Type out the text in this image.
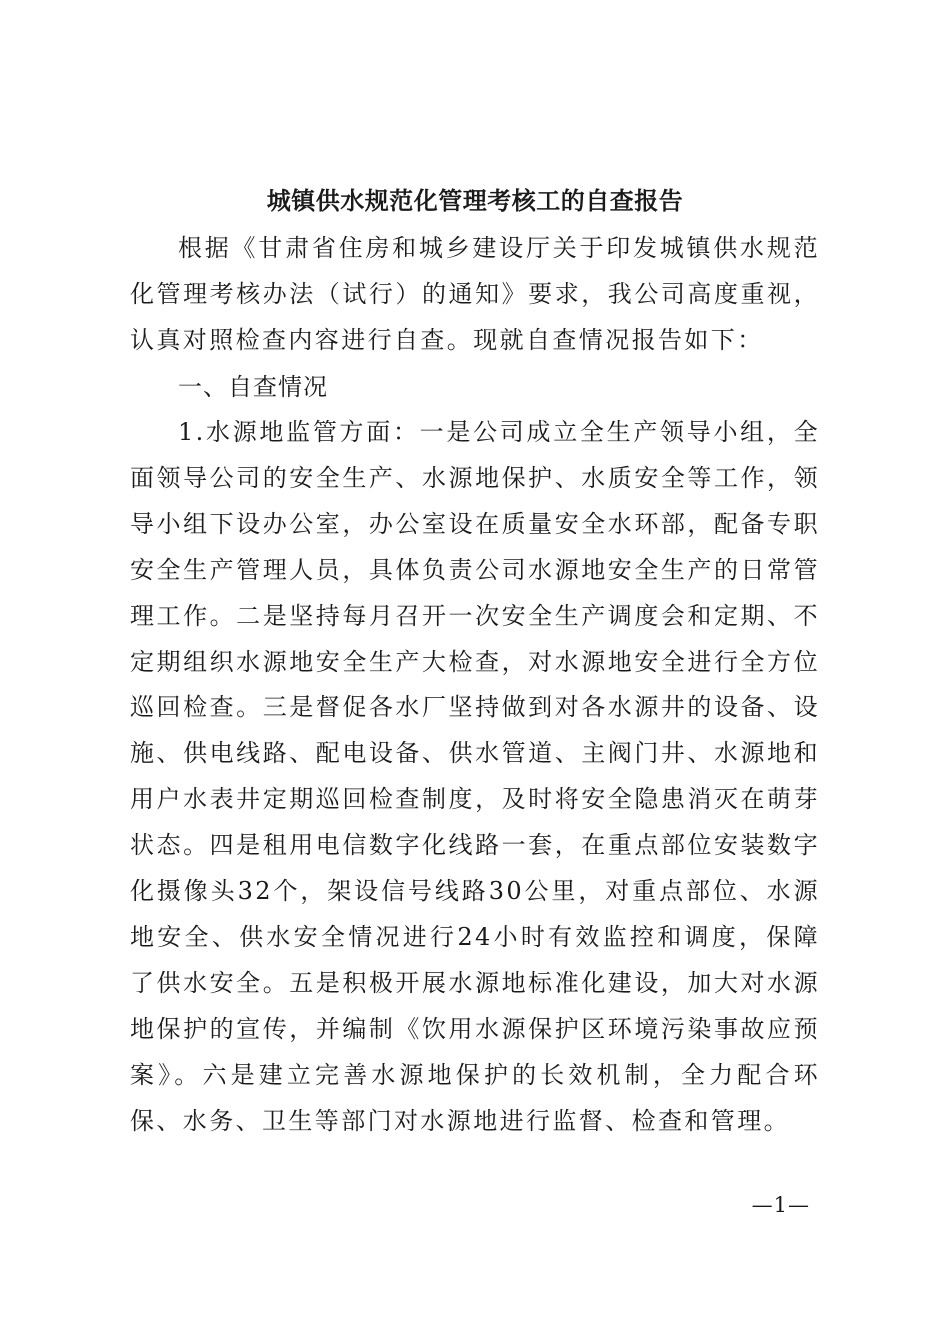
城镇供水规范化管理考核工的自查报告

根据《甘肃省住房和城乡建设厅关于印发城镇供水规范化管理考核办法（试行）的通知》要求，我公司高度重视，认真对照检查内容进行自查。现就自查情况报告如下：

一、自查情况

1.水源地监管方面：一是公司成立全生产领导小组，全面领导公司的安全生产、水源地保护、水质安全等工作，领导小组下设办公室，办公室设在质量安全水环部，配备专职安全生产管理人员，具体负责公司水源地安全生产的日常管理工作。二是坚持每月召开一次安全生产调度会和定期、不定期组织水源地安全生产大检查，对水源地安全进行全方位巡回检查。三是督促各水厂坚持做到对各水源井的设备、设施、供电线路、配电设备、供水管道、主阀门井、水源地和用户水表井定期巡回检查制度，及时将安全隐患消灭在萌芽状态。四是租用电信数字化线路一套，在重点部位安装数字化摄像头32个，架设信号线路30公里，对重点部位、水源地安全、供水安全情况进行24小时有效监控和调度，保障了供水安全。五是积极开展水源地标准化建设，加大对水源地保护的宣传，并编制《饮用水源保护区环境污染事故应预案》。六是建立完善水源地保护的长效机制，全力配合环保、水务、卫生等部门对水源地进行监督、检查和管理。

—1—
